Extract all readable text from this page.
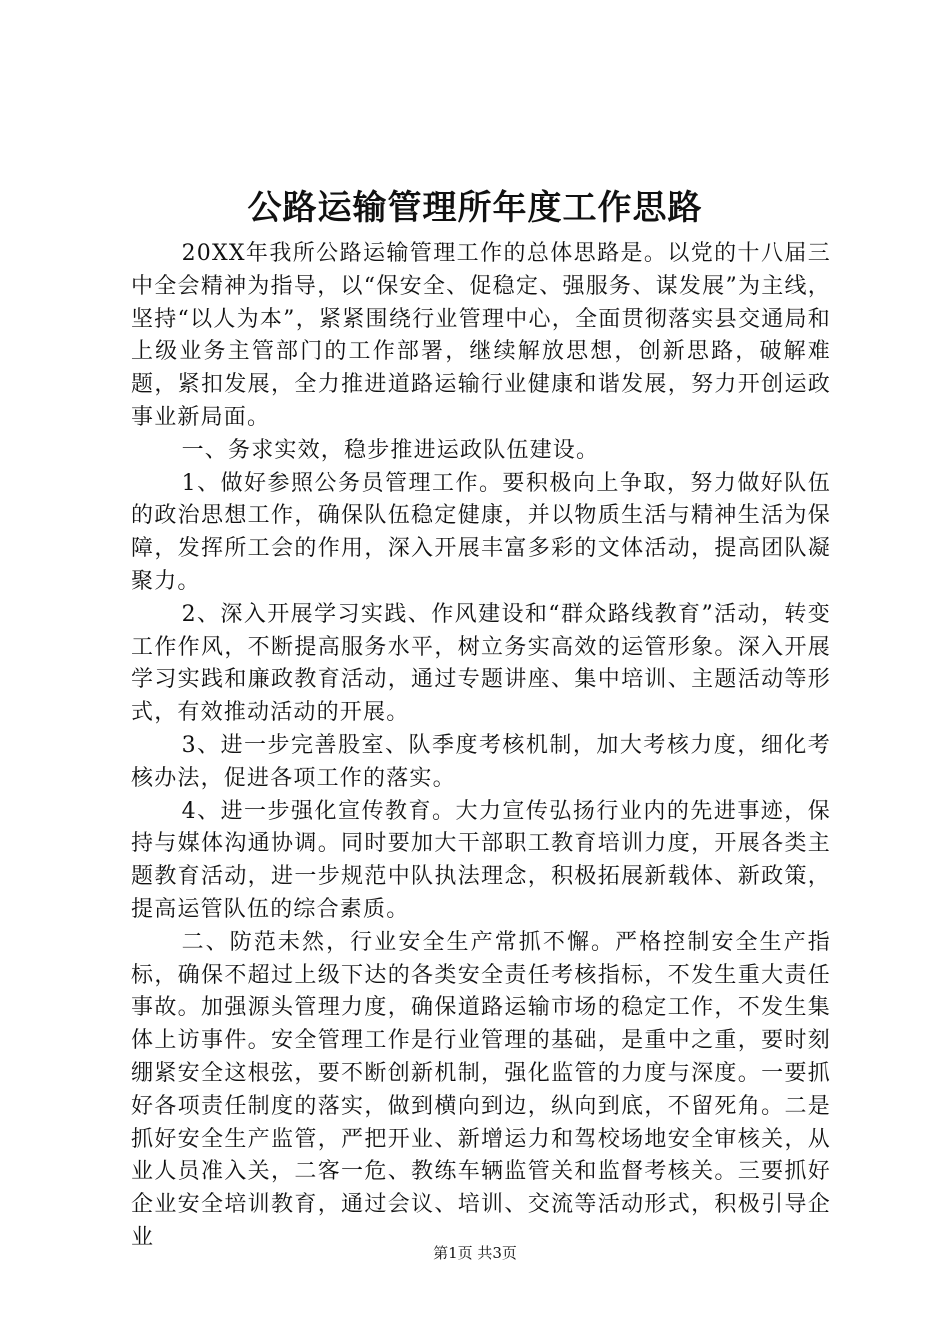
公路运输管理所年度工作思路

20XX年我所公路运输管理工作的总体思路是。以党的十八届三中全会精神为指导，以“保安全、促稳定、强服务、谋发展”为主线，坚持“以人为本”，紧紧围绕行业管理中心，全面贯彻落实县交通局和上级业务主管部门的工作部署，继续解放思想，创新思路，破解难题，紧扣发展，全力推进道路运输行业健康和谐发展，努力开创运政事业新局面。

一、务求实效，稳步推进运政队伍建设。

1、做好参照公务员管理工作。要积极向上争取，努力做好队伍的政治思想工作，确保队伍稳定健康，并以物质生活与精神生活为保障，发挥所工会的作用，深入开展丰富多彩的文体活动，提高团队凝聚力。

2、深入开展学习实践、作风建设和“群众路线教育”活动，转变工作作风，不断提高服务水平，树立务实高效的运管形象。深入开展学习实践和廉政教育活动，通过专题讲座、集中培训、主题活动等形式，有效推动活动的开展。

3、进一步完善股室、队季度考核机制，加大考核力度，细化考核办法，促进各项工作的落实。

4、进一步强化宣传教育。大力宣传弘扬行业内的先进事迹，保持与媒体沟通协调。同时要加大干部职工教育培训力度，开展各类主题教育活动，进一步规范中队执法理念，积极拓展新载体、新政策，提高运管队伍的综合素质。

二、防范未然，行业安全生产常抓不懈。严格控制安全生产指标，确保不超过上级下达的各类安全责任考核指标，不发生重大责任事故。加强源头管理力度，确保道路运输市场的稳定工作，不发生集体上访事件。安全管理工作是行业管理的基础，是重中之重，要时刻绷紧安全这根弦，要不断创新机制，强化监管的力度与深度。一要抓好各项责任制度的落实，做到横向到边，纵向到底，不留死角。二是抓好安全生产监管，严把开业、新增运力和驾校场地安全审核关，从业人员准入关，二客一危、教练车辆监管关和监督考核关。三要抓好企业安全培训教育，通过会议、培训、交流等活动形式，积极引导企业

第1页 共3页
